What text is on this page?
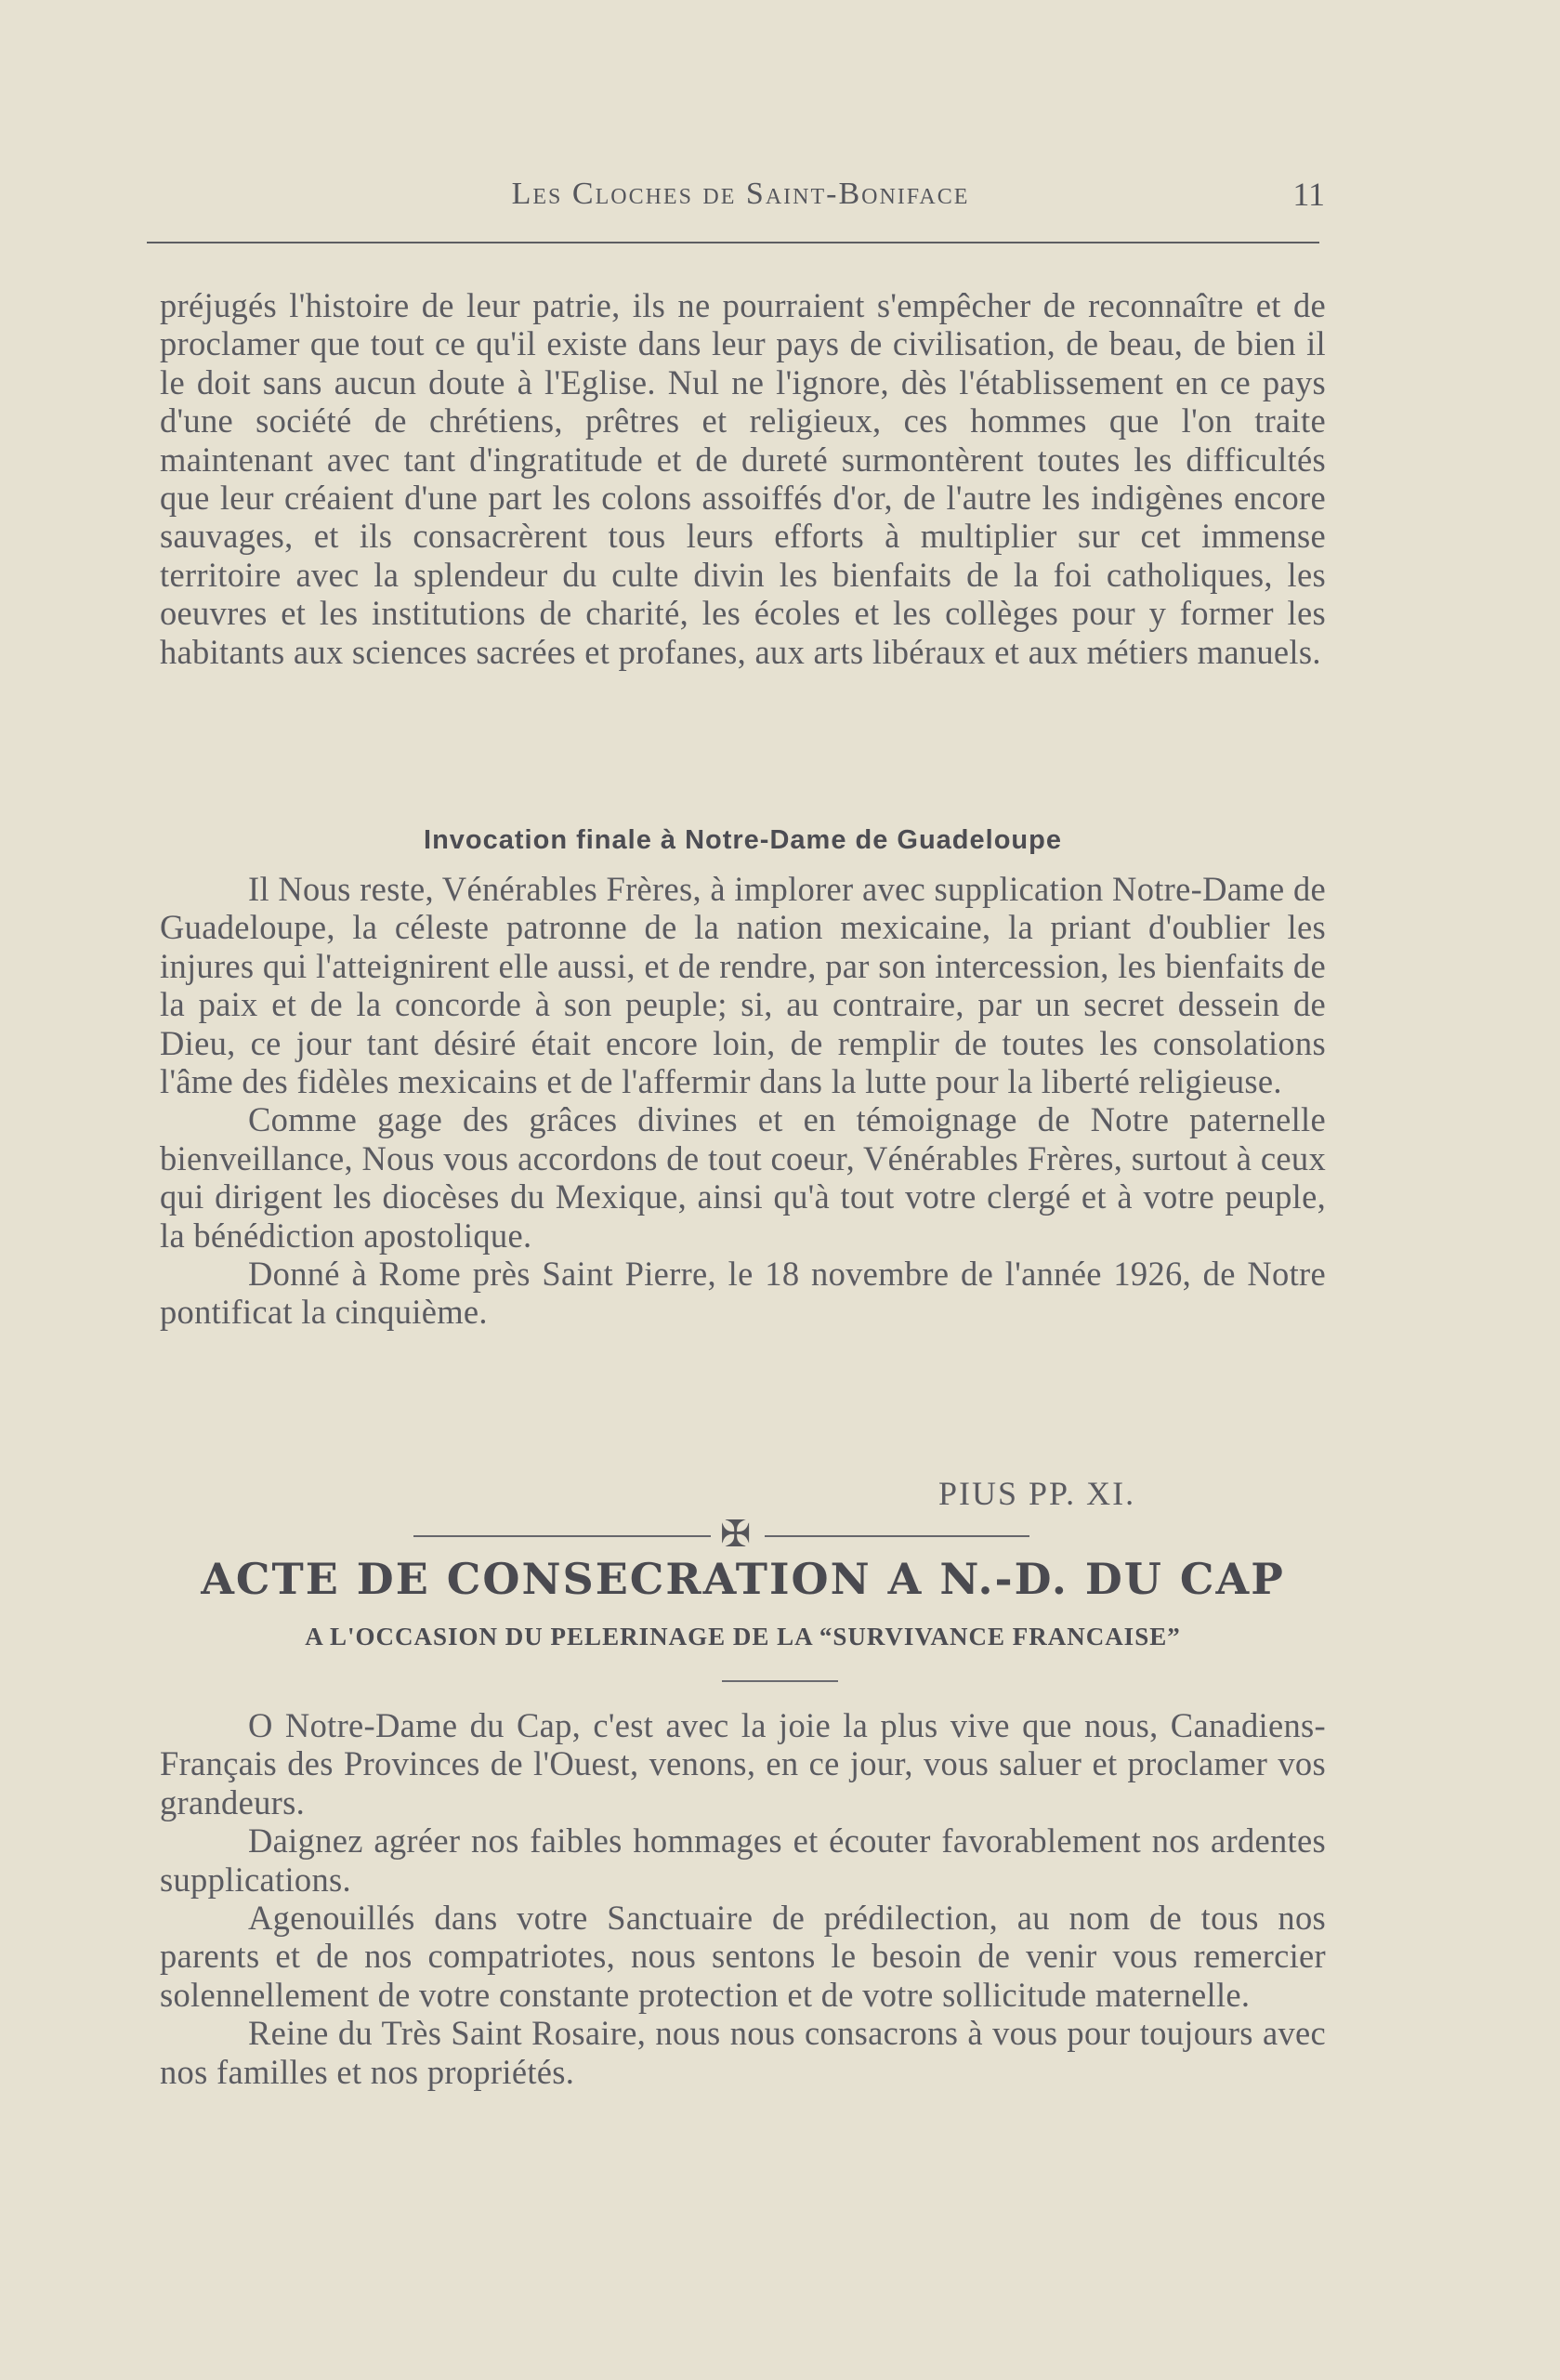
Les Cloches de Saint-Boniface	11

préjugés l'histoire de leur patrie, ils ne pourraient s'empêcher de reconnaître et de proclamer que tout ce qu'il existe dans leur pays de civilisation, de beau, de bien il le doit sans aucun doute à l'Eglise. Nul ne l'ignore, dès l'établissement en ce pays d'une société de chrétiens, prêtres et religieux, ces hommes que l'on traite maintenant avec tant d'ingratitude et de dureté surmontèrent toutes les difficultés que leur créaient d'une part les colons assoiffés d'or, de l'autre les indigènes encore sauvages, et ils consacrèrent tous leurs efforts à multiplier sur cet immense territoire avec la splendeur du culte divin les bienfaits de la foi catholiques, les oeuvres et les institutions de charité, les écoles et les collèges pour y former les habitants aux sciences sacrées et profanes, aux arts libéraux et aux métiers manuels.

Invocation finale à Notre-Dame de Guadeloupe

Il Nous reste, Vénérables Frères, à implorer avec supplication Notre-Dame de Guadeloupe, la céleste patronne de la nation mexicaine, la priant d'oublier les injures qui l'atteignirent elle aussi, et de rendre, par son intercession, les bienfaits de la paix et de la concorde à son peuple; si, au contraire, par un secret dessein de Dieu, ce jour tant désiré était encore loin, de remplir de toutes les consolations l'âme des fidèles mexicains et de l'affermir dans la lutte pour la liberté religieuse.

Comme gage des grâces divines et en témoignage de Notre paternelle bienveillance, Nous vous accordons de tout coeur, Vénérables Frères, surtout à ceux qui dirigent les diocèses du Mexique, ainsi qu'à tout votre clergé et à votre peuple, la bénédiction apostolique.

Donné à Rome près Saint Pierre, le 18 novembre de l'année 1926, de Notre pontificat la cinquième.

PIUS PP. XI.
✠
ACTE DE CONSECRATION A N.-D. DU CAP
A L'OCCASION DU PELERINAGE DE LA “SURVIVANCE FRANCAISE”

O Notre-Dame du Cap, c'est avec la joie la plus vive que nous, Canadiens-Français des Provinces de l'Ouest, venons, en ce jour, vous saluer et proclamer vos grandeurs.

Daignez agréer nos faibles hommages et écouter favorablement nos ardentes supplications.

Agenouillés dans votre Sanctuaire de prédilection, au nom de tous nos parents et de nos compatriotes, nous sentons le besoin de venir vous remercier solennellement de votre constante protection et de votre sollicitude maternelle.

Reine du Très Saint Rosaire, nous nous consacrons à vous pour toujours avec nos familles et nos propriétés.
